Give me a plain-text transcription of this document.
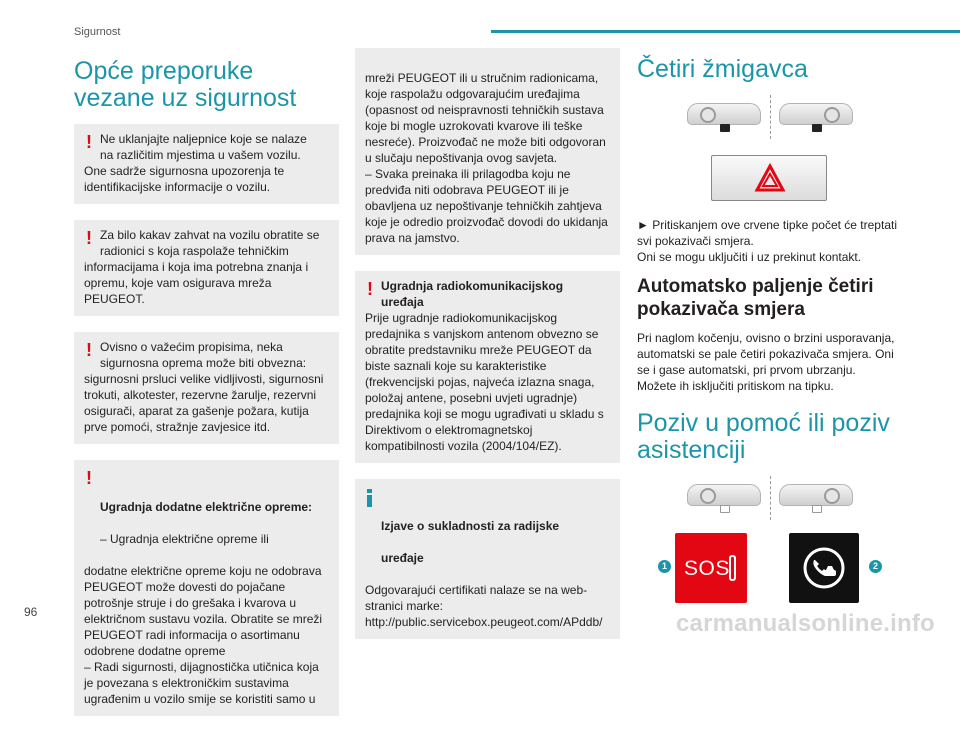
Sigurnost
96	carmanualsonline.info
Opće preporuke vezane uz sigurnost
! Ne uklanjajte naljepnice koje se nalaze
na različitim mjestima u vašem vozilu.
One sadrže sigurnosna upozorenja te identifikacijske informacije o vozilu.
! Za bilo kakav zahvat na vozilu obratite se
radionici s koja raspolaže tehničkim
informacijama i koja ima potrebna znanja i opremu, koje vam osigurava mreža PEUGEOT.
! Ovisno o važećim propisima, neka
sigurnosna oprema može biti obvezna:
sigurnosni prsluci velike vidljivosti, sigurnosni trokuti, alkotester, rezervne žarulje, rezervni osigurači, aparat za gašenje požara, kutija prve pomoći, stražnje zavjesice itd.

!

Ugradnja dodatne električne opreme:

– Ugradnja električne opreme ili

dodatne električne opreme koju ne odobrava PEUGEOT može dovesti do pojačane potrošnje struje i do grešaka i kvarova u električnom sustavu vozila. Obratite se mreži PEUGEOT radi informacija o asortimanu odobrene dodatne opreme
– Radi sigurnosti, dijagnostička utičnica koja je povezana s elektroničkim sustavima ugrađenim u vozilo smije se koristiti samo u

mreži PEUGEOT ili u stručnim radionicama, koje raspolažu odgovarajućim uređajima (opasnost od neispravnosti tehničkih sustava koje bi mogle uzrokovati kvarove ili teške nesreće). Proizvođač ne može biti odgovoran u slučaju nepoštivanja ovog savjeta.
– Svaka preinaka ili prilagodba koju ne predviđa niti odobrava PEUGEOT ili je obavljena uz nepoštivanje tehničkih zahtjeva koje je odredio proizvođač dovodi do ukidanja prava na jamstvo.

! Ugradnja radiokomunikacijskog
uređaja
Prije ugradnje radiokomunikacijskog predajnika s vanjskom antenom obvezno se obratite predstavniku mreže PEUGEOT da biste saznali koje su karakteristike (frekvencijski pojas, najveća izlazna snaga, položaj antene, posebni uvjeti ugradnje) predajnika koji se mogu ugrađivati u skladu s Direktivom o elektromagnetskoj kompatibilnosti vozila (2004/104/EZ).

Izjave o sukladnosti za radijske

uređaje

Odgovarajući certifikati nalaze se na web-stranici marke:
http://public.servicebox.peugeot.com/APddb/

Četiri žmigavca

► Pritiskanjem ove crvene tipke počet će treptati svi pokazivači smjera.
Oni se mogu uključiti i uz prekinut kontakt.

Automatsko paljenje četiri pokazivača smjera

Pri naglom kočenju, ovisno o brzini usporavanja, automatski se pale četiri pokazivača smjera. Oni se i gase automatski, pri prvom ubrzanju.
Možete ih isključiti pritiskom na tipku.

Poziv u pomoć ili poziv asistenciji
1 SOS	2
